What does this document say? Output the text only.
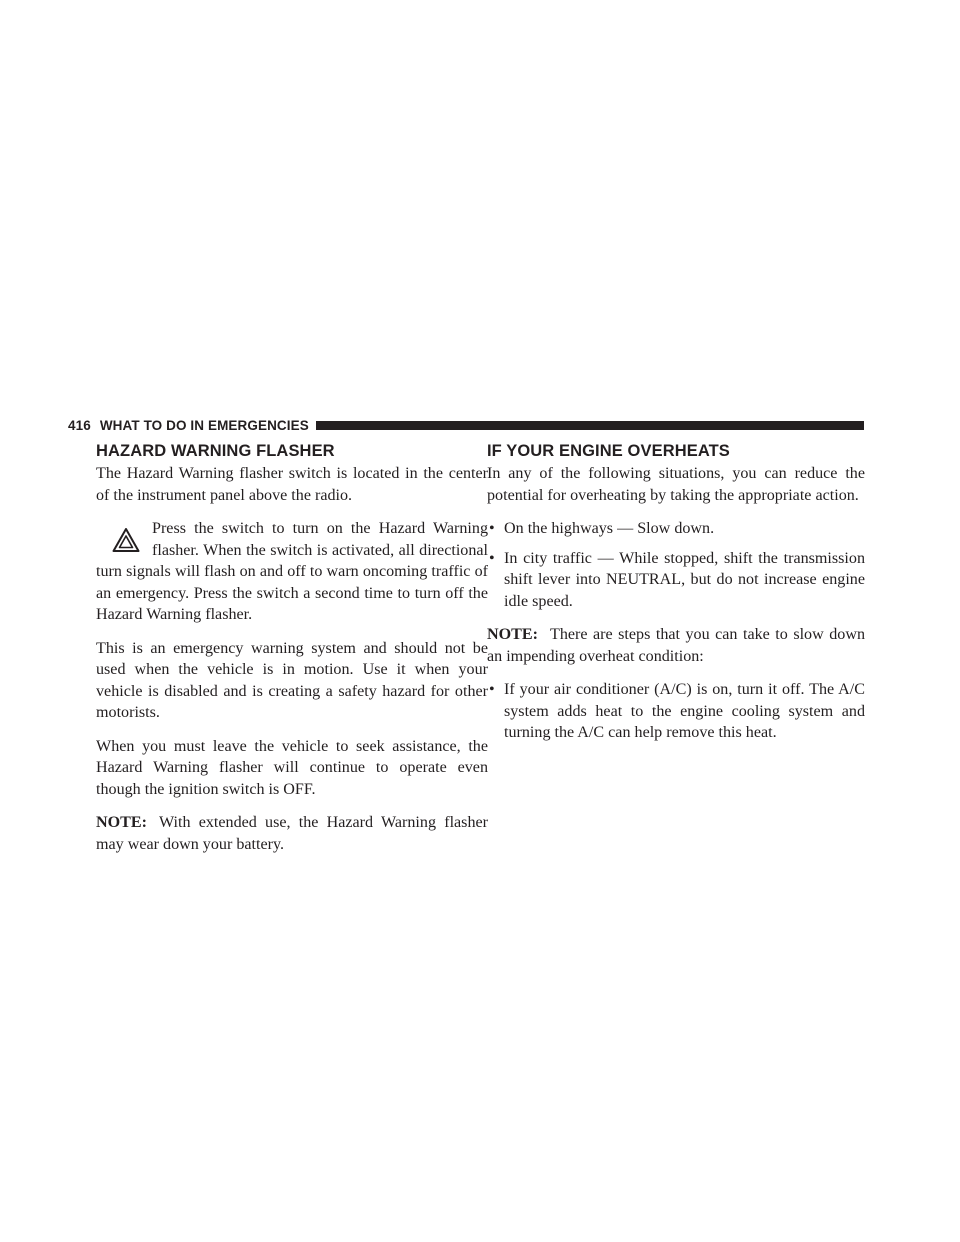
416 WHAT TO DO IN EMERGENCIES
HAZARD WARNING FLASHER

The Hazard Warning flasher switch is located in the center of the instrument panel above the radio.

Press the switch to turn on the Hazard Warning flasher. When the switch is activated, all directional turn signals will flash on and off to warn oncoming traffic of an emergency. Press the switch a second time to turn off the Hazard Warning flasher.

This is an emergency warning system and should not be used when the vehicle is in motion. Use it when your vehicle is disabled and is creating a safety hazard for other motorists.

When you must leave the vehicle to seek assistance, the Hazard Warning flasher will continue to operate even though the ignition switch is OFF.

NOTE: With extended use, the Hazard Warning flasher may wear down your battery.

IF YOUR ENGINE OVERHEATS

In any of the following situations, you can reduce the potential for overheating by taking the appropriate action.

• On the highways — Slow down.
• In city traffic — While stopped, shift the transmission shift lever into NEUTRAL, but do not increase engine idle speed.

NOTE: There are steps that you can take to slow down an impending overheat condition:

• If your air conditioner (A/C) is on, turn it off. The A/C system adds heat to the engine cooling system and turning the A/C can help remove this heat.
